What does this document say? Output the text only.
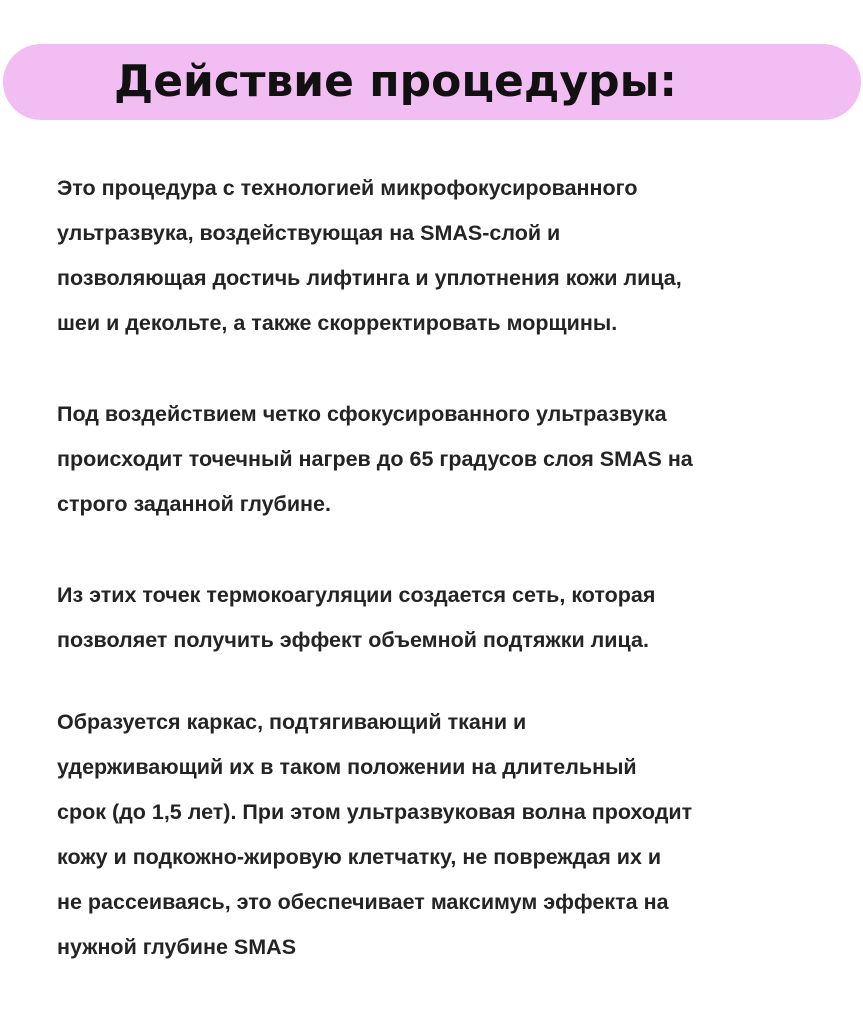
Действие процедуры:

Это процедура с технологией микрофокусированного
ультразвука, воздействующая на SMAS-слой и
позволяющая достичь лифтинга и уплотнения кожи лица,
шеи и декольте, а также скорректировать морщины.

Под воздействием четко сфокусированного ультразвука
происходит точечный нагрев до 65 градусов слоя SMAS на
строго заданной глубине.

Из этих точек термокоагуляции создается сеть, которая
позволяет получить эффект объемной подтяжки лица.

Образуется каркас, подтягивающий ткани и
удерживающий их в таком положении на длительный
срок (до 1,5 лет). При этом ультразвуковая волна проходит
кожу и подкожно-жировую клетчатку, не повреждая их и
не рассеиваясь, это обеспечивает максимум эффекта на
нужной глубине SMAS
